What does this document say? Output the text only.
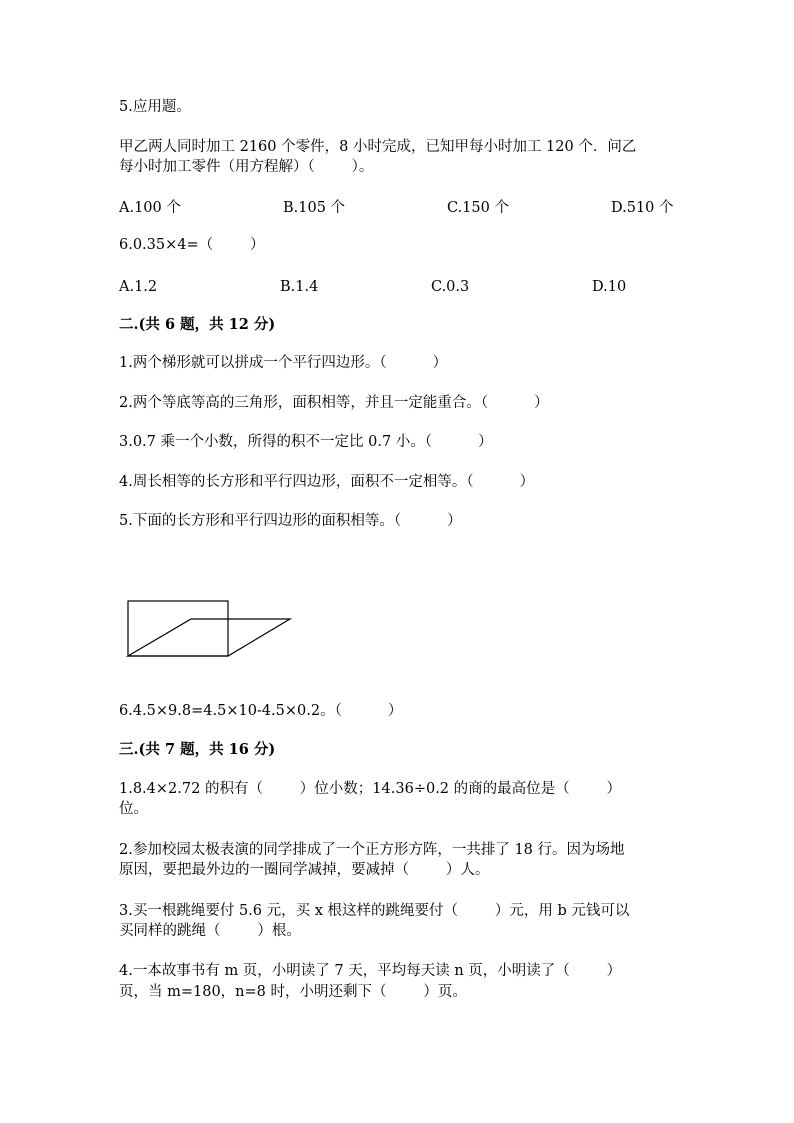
5.应用题。
甲乙两人同时加工 2160 个零件，8 小时完成，已知甲每小时加工 120 个．问乙
每小时加工零件（用方程解）（        ）。
A.100 个	B.105 个	C.150 个	D.510 个
6.0.35×4=（        ）
A.1.2	B.1.4	C.0.3	D.10
二.(共 6 题，共 12 分)
1.两个梯形就可以拼成一个平行四边形。（          ）
2.两个等底等高的三角形，面积相等，并且一定能重合。（          ）
3.0.7 乘一个小数，所得的积不一定比 0.7 小。（          ）
4.周长相等的长方形和平行四边形，面积不一定相等。（          ）
5.下面的长方形和平行四边形的面积相等。（          ）
6.4.5×9.8=4.5×10-4.5×0.2。（          ）
三.(共 7 题，共 16 分)
1.8.4×2.72 的积有（        ）位小数；14.36÷0.2 的商的最高位是（        ）
位。
2.参加校园太极表演的同学排成了一个正方形方阵，一共排了 18 行。因为场地
原因，要把最外边的一圈同学减掉，要减掉（        ）人。
3.买一根跳绳要付 5.6 元，买 x 根这样的跳绳要付（        ）元，用 b 元钱可以
买同样的跳绳（        ）根。
4.一本故事书有 m 页，小明读了 7 天，平均每天读 n 页，小明读了（        ）
页，当 m=180，n=8 时，小明还剩下（        ）页。
